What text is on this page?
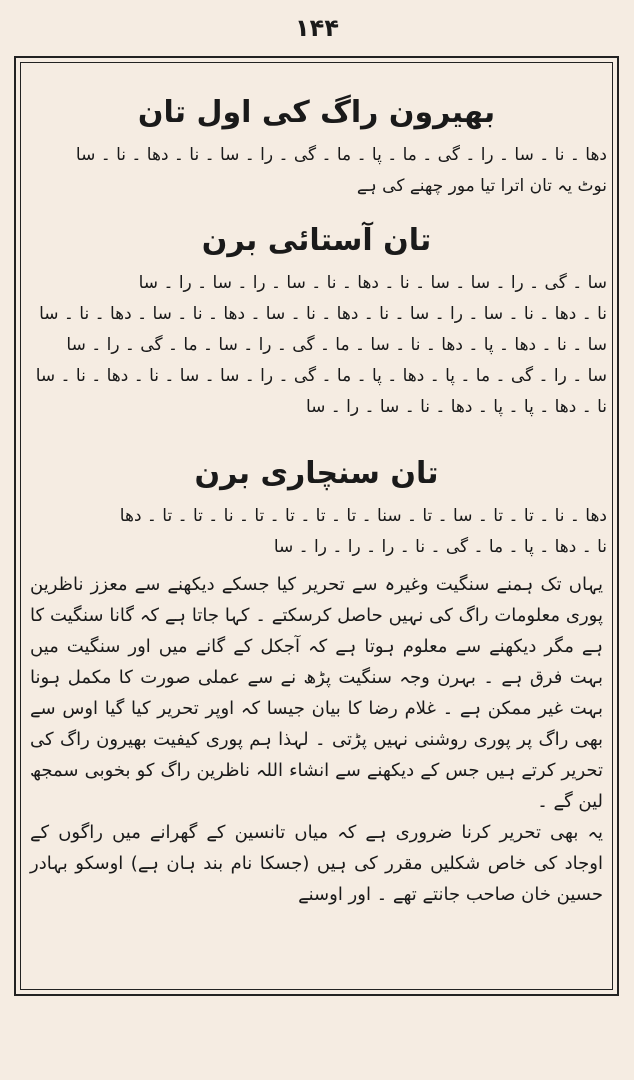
۱۴۴
بھیرون راگ کی اول تان

دھا ۔ نا ۔ سا ۔ را ۔ گی ۔ ما ۔ پا ۔ ما ۔ گی ۔ را ۔ سا ۔ نا ۔ دھا ۔ نا ۔ سا

نوٹ یہ تان اترا تیا مور چھنے کی ہے

تان آستائی برن

سا ۔ گی ۔ را ۔ سا ۔ سا ۔ نا ۔ دھا ۔ نا ۔ سا ۔ را ۔ سا ۔ را ۔ سا

نا ۔ دھا ۔ نا ۔ سا ۔ را ۔ سا ۔ نا ۔ دھا ۔ نا ۔ سا ۔ دھا ۔ نا ۔ سا ۔ دھا ۔ نا ۔ سا

سا ۔ نا ۔ دھا ۔ پا ۔ دھا ۔ نا ۔ سا ۔ ما ۔ گی ۔ را ۔ سا ۔ ما ۔ گی ۔ را ۔ سا

سا ۔ را ۔ گی ۔ ما ۔ پا ۔ دھا ۔ پا ۔ ما ۔ گی ۔ را ۔ سا ۔ سا ۔ نا ۔ دھا ۔ نا ۔ سا

نا ۔ دھا ۔ پا ۔ پا ۔ دھا ۔ نا ۔ سا ۔ را ۔ سا

تان سنچاری برن

دھا ۔ نا ۔ تا ۔ تا ۔ سا ۔ تا ۔ سنا ۔ تا ۔ تا ۔ تا ۔ تا ۔ نا ۔ تا ۔ تا ۔ دھا

نا ۔ دھا ۔ پا ۔ ما ۔ گی ۔ نا ۔ را ۔ را ۔ را ۔ سا

یہاں تک ہمنے سنگیت وغیرہ سے تحریر کیا جسکے دیکھنے سے معزز ناظرین پوری معلومات راگ کی نہیں حاصل کرسکتے ۔ کہا جاتا ہے کہ گانا سنگیت کا ہے مگر دیکھنے سے معلوم ہوتا ہے کہ آجکل کے گانے میں اور سنگیت میں بہت فرق ہے ۔ بہرن وجہ سنگیت پڑھ نے سے عملی صورت کا مکمل ہونا بہت غیر ممکن ہے ۔ غلام رضا کا بیان جیسا کہ اوپر تحریر کیا گیا اوس سے بھی راگ پر پوری روشنی نہیں پڑتی ۔ لہذا ہم پوری کیفیت بھیرون راگ کی تحریر کرتے ہیں جس کے دیکھنے سے انشاء اللہ ناظرین راگ کو بخوبی سمجھ لین گے ۔

یہ بھی تحریر کرنا ضروری ہے کہ میاں تانسین کے گھرانے میں راگوں کے اوجاد کی خاص شکلیں مقرر کی ہیں (جسکا نام بند ہان ہے) اوسکو بہادر حسین خان صاحب جانتے تھے ۔ اور اوسنے
